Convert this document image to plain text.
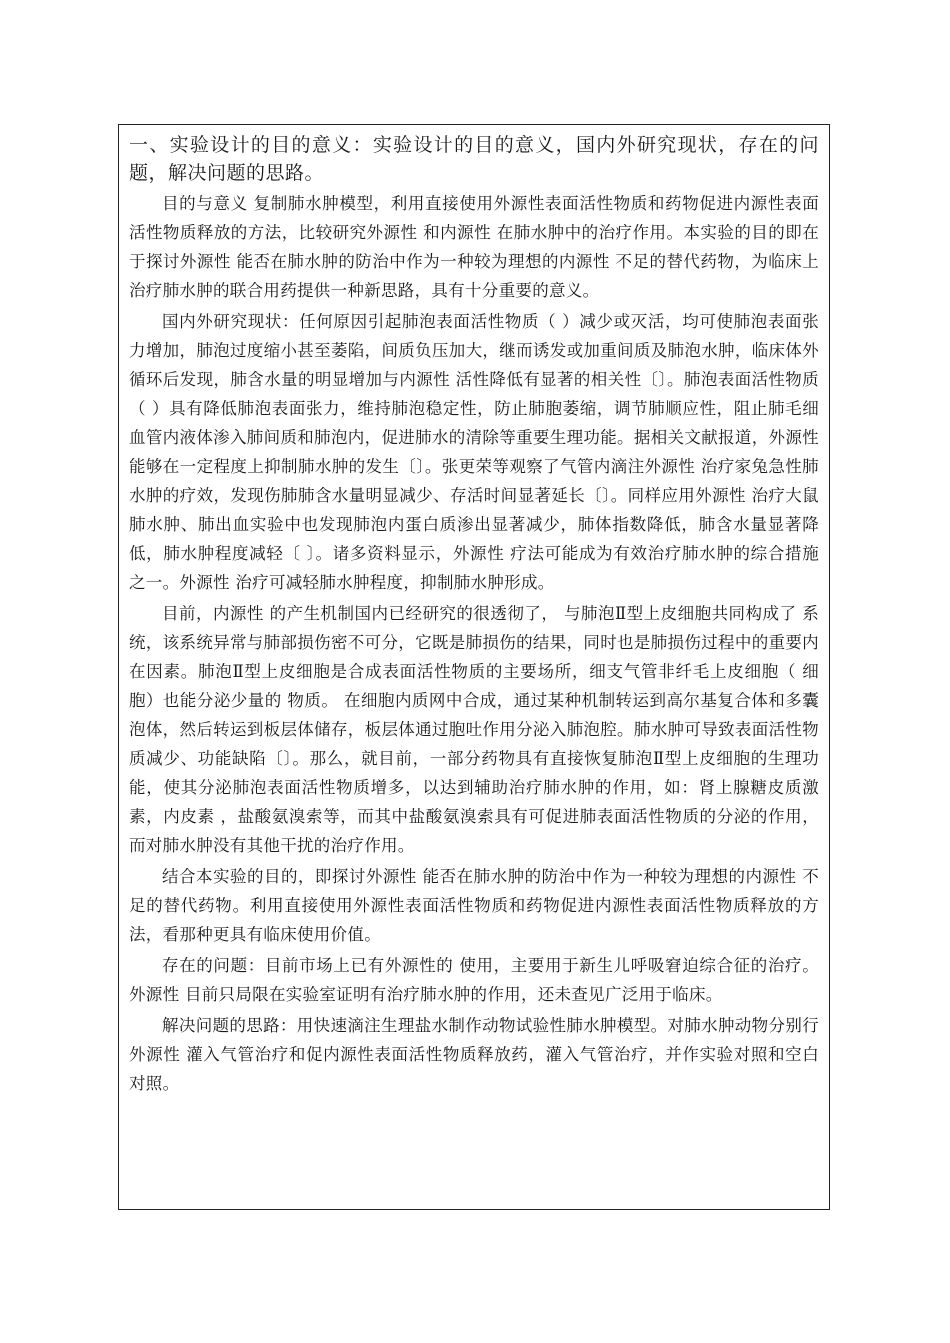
一、实验设计的目的意义：实验设计的目的意义，国内外研究现状，存在的问题，解决问题的思路。
目的与意义 复制肺水肿模型，利用直接使用外源性表面活性物质和药物促进内源性表面活性物质释放的方法，比较研究外源性 和内源性 在肺水肿中的治疗作用。本实验的目的即在于探讨外源性 能否在肺水肿的防治中作为一种较为理想的内源性 不足的替代药物，为临床上治疗肺水肿的联合用药提供一种新思路，具有十分重要的意义。
国内外研究现状：任何原因引起肺泡表面活性物质（ ）减少或灭活，均可使肺泡表面张力增加，肺泡过度缩小甚至萎陷，间质负压加大，继而诱发或加重间质及肺泡水肿，临床体外循环后发现，肺含水量的明显增加与内源性 活性降低有显著的相关性〔〕。肺泡表面活性物质（ ）具有降低肺泡表面张力，维持肺泡稳定性，防止肺胞萎缩，调节肺顺应性，阻止肺毛细血管内液体渗入肺间质和肺泡内，促进肺水的清除等重要生理功能。据相关文献报道，外源性 能够在一定程度上抑制肺水肿的发生〔〕。张更荣等观察了气管内滴注外源性 治疗家兔急性肺水肿的疗效，发现伤肺肺含水量明显减少、存活时间显著延长〔〕。同样应用外源性 治疗大鼠肺水肿、肺出血实验中也发现肺泡内蛋白质渗出显著减少，肺体指数降低，肺含水量显著降低，肺水肿程度减轻〔 〕。诸多资料显示，外源性 疗法可能成为有效治疗肺水肿的综合措施之一。外源性 治疗可减轻肺水肿程度，抑制肺水肿形成。
目前，内源性 的产生机制国内已经研究的很透彻了， 与肺泡Ⅱ型上皮细胞共同构成了 系统，该系统异常与肺部损伤密不可分，它既是肺损伤的结果，同时也是肺损伤过程中的重要内在因素。肺泡Ⅱ型上皮细胞是合成表面活性物质的主要场所，细支气管非纤毛上皮细胞（ 细胞）也能分泌少量的 物质。 在细胞内质网中合成，通过某种机制转运到高尔基复合体和多囊泡体，然后转运到板层体储存，板层体通过胞吐作用分泌入肺泡腔。肺水肿可导致表面活性物质减少、功能缺陷〔〕。那么，就目前，一部分药物具有直接恢复肺泡Ⅱ型上皮细胞的生理功能，使其分泌肺泡表面活性物质增多，以达到辅助治疗肺水肿的作用，如：肾上腺糖皮质激素，内皮素 ，盐酸氨溴索等，而其中盐酸氨溴索具有可促进肺表面活性物质的分泌的作用，而对肺水肿没有其他干扰的治疗作用。
结合本实验的目的，即探讨外源性 能否在肺水肿的防治中作为一种较为理想的内源性 不足的替代药物。利用直接使用外源性表面活性物质和药物促进内源性表面活性物质释放的方法，看那种更具有临床使用价值。
存在的问题：目前市场上已有外源性的 使用，主要用于新生儿呼吸窘迫综合征的治疗。外源性 目前只局限在实验室证明有治疗肺水肿的作用，还未查见广泛用于临床。
解决问题的思路：用快速滴注生理盐水制作动物试验性肺水肿模型。对肺水肿动物分别行外源性 灌入气管治疗和促内源性表面活性物质释放药，灌入气管治疗，并作实验对照和空白对照。
